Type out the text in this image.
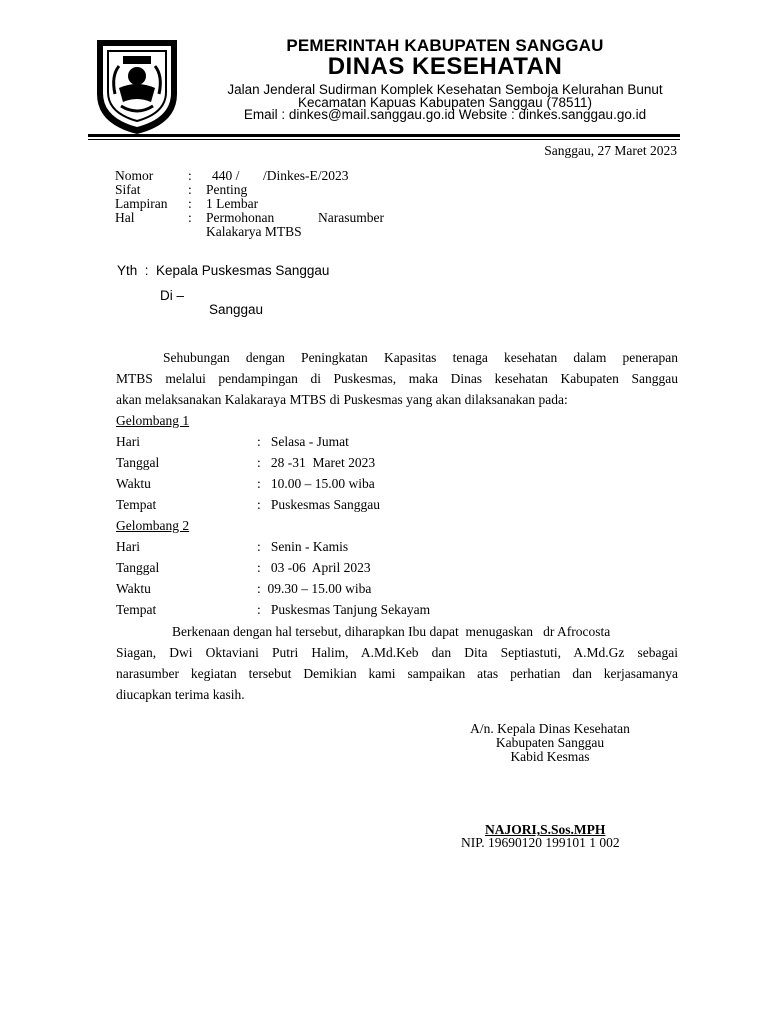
PEMERINTAH KABUPATEN SANGGAU
DINAS KESEHATAN
Jalan Jenderal Sudirman Komplek Kesehatan Semboja Kelurahan Bunut
Kecamatan Kapuas Kabupaten Sanggau (78511)
Email : dinkes@mail.sanggau.go.id Website : dinkes.sanggau.go.id
Sanggau, 27 Maret 2023
Nomor	: 440 /       /Dinkes-E/2023
Sifat	: Penting
Lampiran : 1 Lembar
Hal	: Permohonan	Narasumber
Kalakarya MTBS
Yth  :  Kepala Puskesmas Sanggau
Di –
Sanggau
Sehubungan dengan Peningkatan Kapasitas tenaga kesehatan dalam penerapan
MTBS melalui pendampingan di Puskesmas, maka Dinas kesehatan Kabupaten Sanggau
akan melaksanakan Kalakaraya MTBS di Puskesmas yang akan dilaksanakan pada:
Gelombang 1
Hari	:   Selasa - Jumat
Tanggal	:   28 -31  Maret 2023
Waktu	:   10.00 – 15.00 wiba
Tempat	:   Puskesmas Sanggau
Gelombang 2
Hari	:   Senin - Kamis
Tanggal	:   03 -06  April 2023
Waktu	:  09.30 – 15.00 wiba
Tempat	:   Puskesmas Tanjung Sekayam
Berkenaan dengan hal tersebut, diharapkan Ibu dapat  menugaskan   dr Afrocosta
Siagan, Dwi Oktaviani Putri Halim, A.Md.Keb dan Dita Septiastuti, A.Md.Gz sebagai
narasumber kegiatan tersebut Demikian kami sampaikan atas perhatian dan kerjasamanya
diucapkan terima kasih.
A/n. Kepala Dinas Kesehatan
Kabupaten Sanggau
Kabid Kesmas
NAJORI,S.Sos.MPH
NIP. 19690120 199101 1 002
